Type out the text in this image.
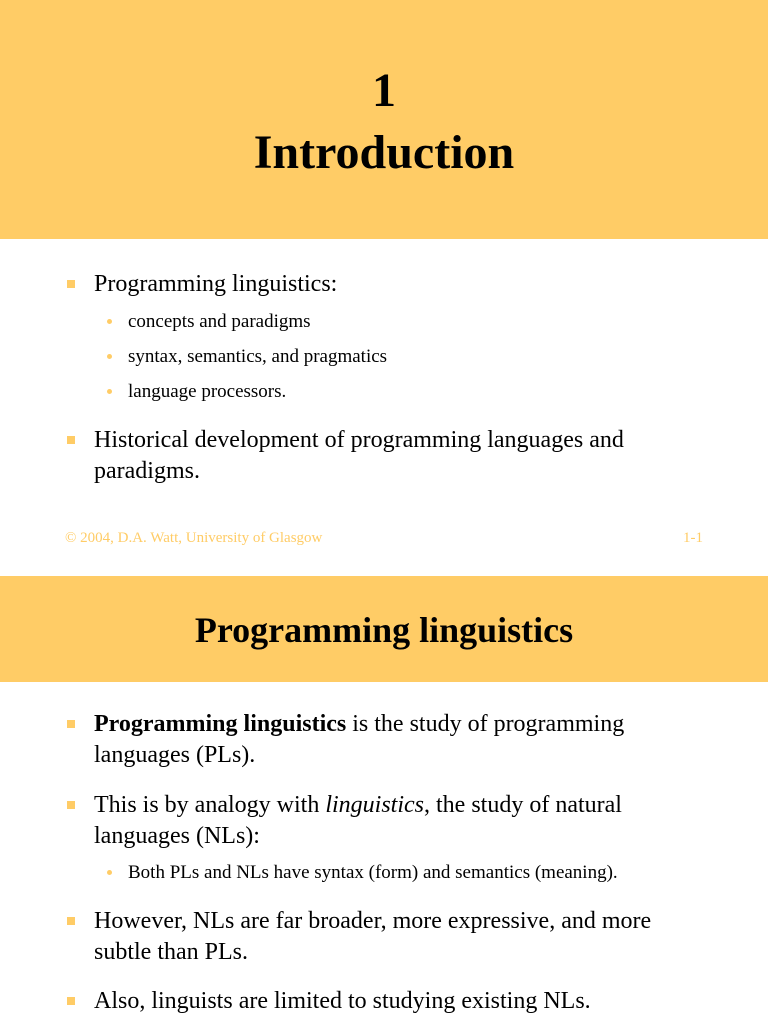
1
Introduction
Programming linguistics:
concepts and paradigms
syntax, semantics, and pragmatics
language processors.
Historical development of programming languages and paradigms.
© 2004, D.A. Watt, University of Glasgow	1-1
Programming linguistics
Programming linguistics is the study of programming languages (PLs).
This is by analogy with linguistics, the study of natural languages (NLs):
Both PLs and NLs have syntax (form) and semantics (meaning).
However, NLs are far broader, more expressive, and more subtle than PLs.
Also, linguists are limited to studying existing NLs.
